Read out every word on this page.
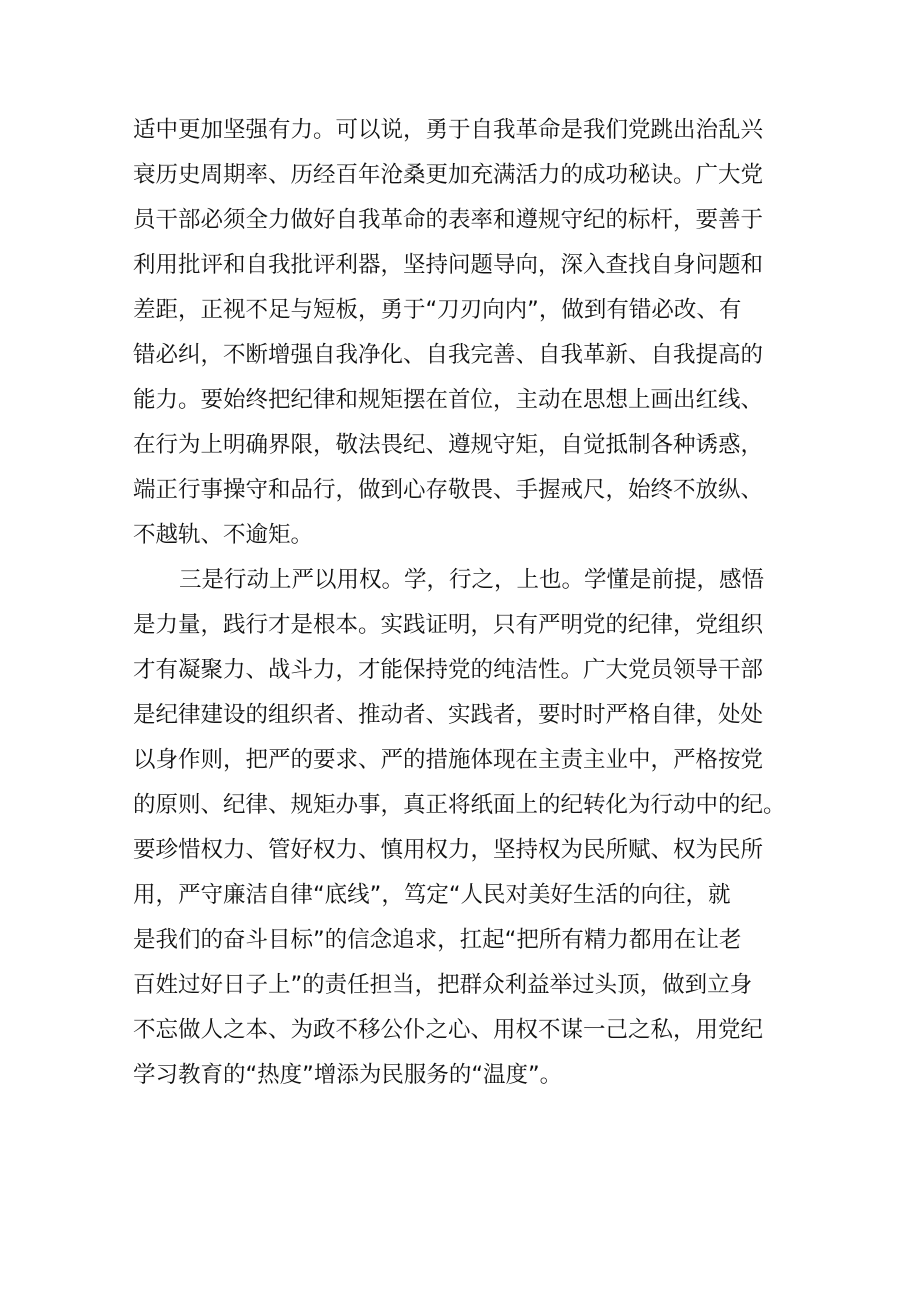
适中更加坚强有力。可以说，勇于自我革命是我们党跳出治乱兴
衰历史周期率、历经百年沧桑更加充满活力的成功秘诀。广大党
员干部必须全力做好自我革命的表率和遵规守纪的标杆，要善于
利用批评和自我批评利器，坚持问题导向，深入查找自身问题和
差距，正视不足与短板，勇于“刀刃向内”，做到有错必改、有
错必纠，不断增强自我净化、自我完善、自我革新、自我提高的
能力。要始终把纪律和规矩摆在首位，主动在思想上画出红线、
在行为上明确界限，敬法畏纪、遵规守矩，自觉抵制各种诱惑，
端正行事操守和品行，做到心存敬畏、手握戒尺，始终不放纵、
不越轨、不逾矩。
三是行动上严以用权。学，行之，上也。学懂是前提，感悟
是力量，践行才是根本。实践证明，只有严明党的纪律，党组织
才有凝聚力、战斗力，才能保持党的纯洁性。广大党员领导干部
是纪律建设的组织者、推动者、实践者，要时时严格自律，处处
以身作则，把严的要求、严的措施体现在主责主业中，严格按党
的原则、纪律、规矩办事，真正将纸面上的纪转化为行动中的纪。
要珍惜权力、管好权力、慎用权力，坚持权为民所赋、权为民所
用，严守廉洁自律“底线”，笃定“人民对美好生活的向往，就
是我们的奋斗目标”的信念追求，扛起“把所有精力都用在让老
百姓过好日子上”的责任担当，把群众利益举过头顶，做到立身
不忘做人之本、为政不移公仆之心、用权不谋一己之私，用党纪
学习教育的“热度”增添为民服务的“温度”。
